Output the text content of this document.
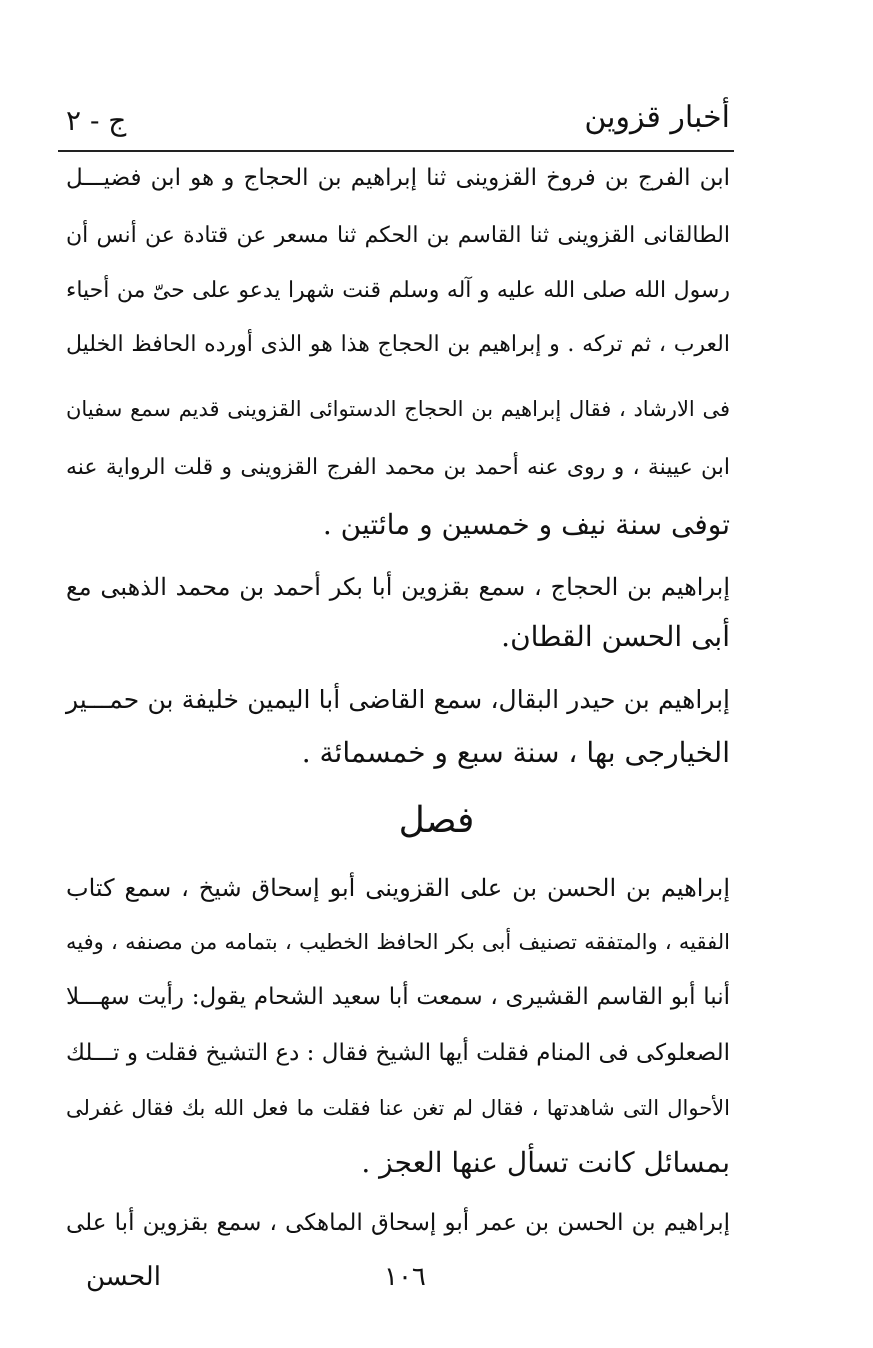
أخبار قزوين
ج - ٢
ابن الفرج بن فروخ القزوينى ثنا إبراهيم بن الحجاج و هو ابن فضيـــل
الطالقانى القزوينى ثنا القاسم بن الحكم ثنا مسعر عن قتادة عن أنس أن
رسول الله صلى الله عليه و آله وسلم قنت شهرا يدعو على حىّ من أحياء
العرب ، ثم تركه . و إبراهيم بن الحجاج هذا هو الذى أورده الحافظ الخليل
فى الارشاد ، فقال إبراهيم بن الحجاج الدستوائى القزوينى قديم سمع سفيان
ابن عيينة ، و روى عنه أحمد بن محمد الفرج القزوينى و قلت الرواية عنه
توفى سنة نيف و خمسين و مائتين .
إبراهيم بن الحجاج ، سمع بقزوين أبا بكر أحمد بن محمد الذهبى مع
أبى الحسن القطان.
إبراهيم بن حيدر البقال، سمع القاضى أبا اليمين خليفة بن حمـــير
الخيارجى بها ، سنة سبع و خمسمائة .
فصل
إبراهيم بن الحسن بن على القزوينى أبو إسحاق شيخ ، سمع كتاب
الفقيه ، والمتفقه تصنيف أبى بكر الحافظ الخطيب ، بتمامه من مصنفه ، وفيه
أنبا أبو القاسم القشيرى ، سمعت أبا سعيد الشحام يقول: رأيت سهـــلا
الصعلوكى فى المنام فقلت أيها الشيخ فقال : دع التشيخ فقلت و تـــلك
الأحوال التى شاهدتها ، فقال لم تغن عنا فقلت ما فعل الله بك فقال غفرلى
بمسائل كانت تسأل عنها العجز .
إبراهيم بن الحسن بن عمر أبو إسحاق الماهكى ، سمع بقزوين أبا على
١٠٦
الحسن
